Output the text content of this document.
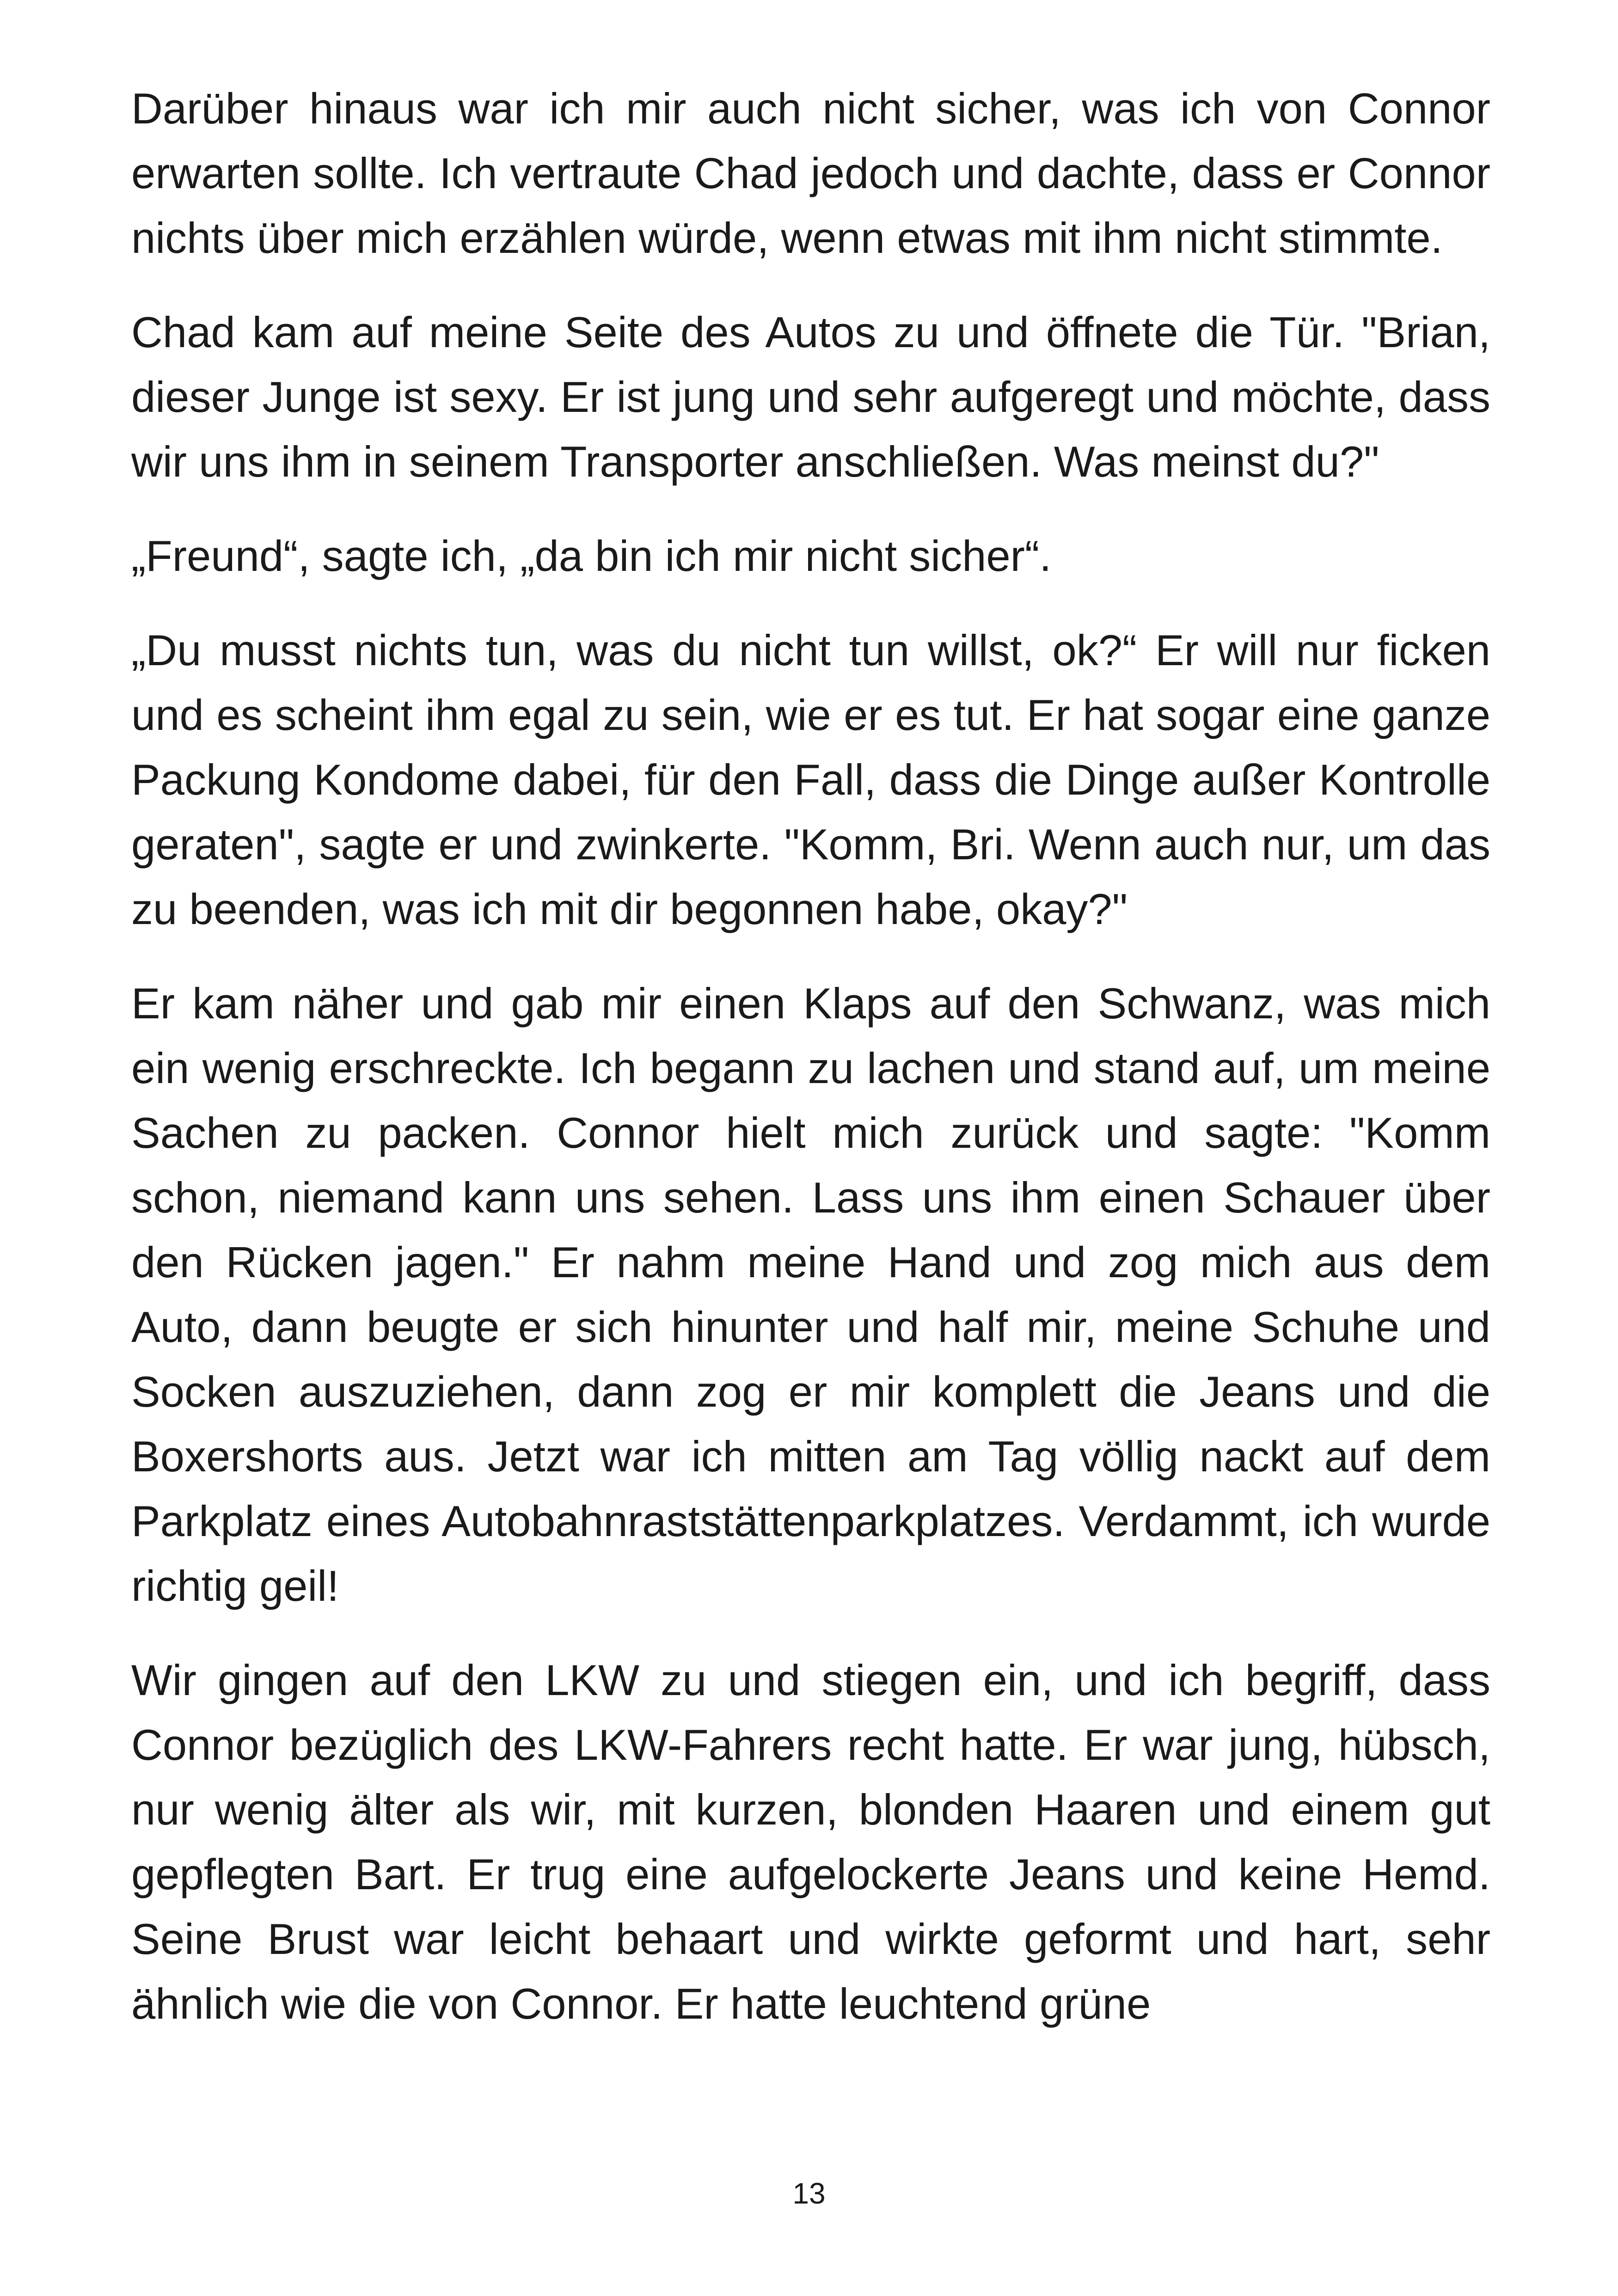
Darüber hinaus war ich mir auch nicht sicher, was ich von Connor erwarten sollte. Ich vertraute Chad jedoch und dachte, dass er Connor nichts über mich erzählen würde, wenn etwas mit ihm nicht stimmte.

Chad kam auf meine Seite des Autos zu und öffnete die Tür. "Brian, dieser Junge ist sexy. Er ist jung und sehr aufgeregt und möchte, dass wir uns ihm in seinem Transporter anschließen. Was meinst du?"

„Freund“, sagte ich, „da bin ich mir nicht sicher“.

„Du musst nichts tun, was du nicht tun willst, ok?“ Er will nur ficken und es scheint ihm egal zu sein, wie er es tut. Er hat sogar eine ganze Packung Kondome dabei, für den Fall, dass die Dinge außer Kontrolle geraten", sagte er und zwinkerte. "Komm, Bri. Wenn auch nur, um das zu beenden, was ich mit dir begonnen habe, okay?"

Er kam näher und gab mir einen Klaps auf den Schwanz, was mich ein wenig erschreckte. Ich begann zu lachen und stand auf, um meine Sachen zu packen. Connor hielt mich zurück und sagte: "Komm schon, niemand kann uns sehen. Lass uns ihm einen Schauer über den Rücken jagen." Er nahm meine Hand und zog mich aus dem Auto, dann beugte er sich hinunter und half mir, meine Schuhe und Socken auszuziehen, dann zog er mir komplett die Jeans und die Boxershorts aus. Jetzt war ich mitten am Tag völlig nackt auf dem Parkplatz eines Autobahnraststättenparkplatzes. Verdammt, ich wurde richtig geil!

Wir gingen auf den LKW zu und stiegen ein, und ich begriff, dass Connor bezüglich des LKW-Fahrers recht hatte. Er war jung, hübsch, nur wenig älter als wir, mit kurzen, blonden Haaren und einem gut gepflegten Bart. Er trug eine aufgelockerte Jeans und keine Hemd. Seine Brust war leicht behaart und wirkte geformt und hart, sehr ähnlich wie die von Connor. Er hatte leuchtend grüne

13
